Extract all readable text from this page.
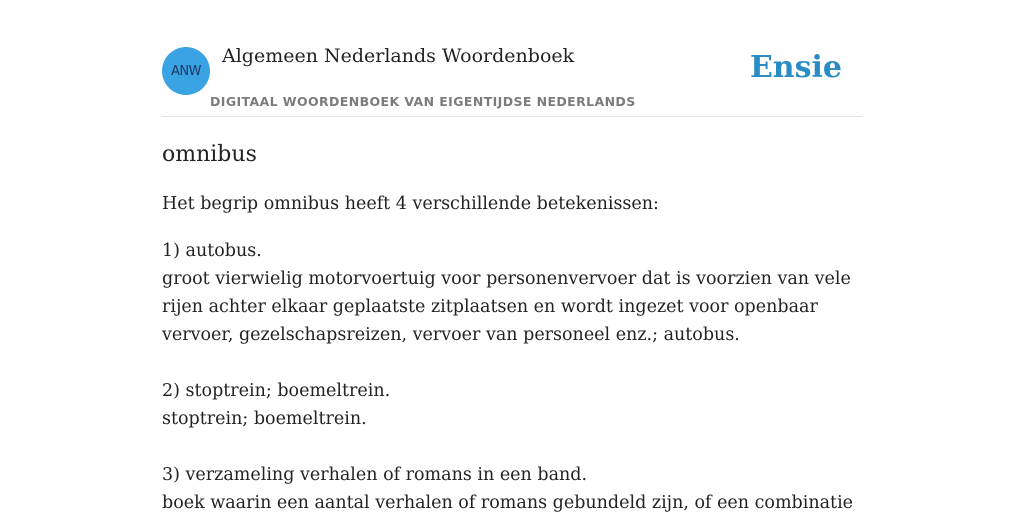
ANW
Algemeen Nederlands Woordenboek
DIGITAAL WOORDENBOEK VAN EIGENTIJDSE NEDERLANDS
Ensie
omnibus

Het begrip omnibus heeft 4 verschillende betekenissen:

1) autobus.
groot vierwielig motorvoertuig voor personenvervoer dat is voorzien van vele rijen achter elkaar geplaatste zitplaatsen en wordt ingezet voor openbaar vervoer, gezelschapsreizen, vervoer van personeel enz.; autobus.

2) stoptrein; boemeltrein.
stoptrein; boemeltrein.

3) verzameling verhalen of romans in een band.
boek waarin een aantal verhalen of romans gebundeld zijn, of een combinatie
